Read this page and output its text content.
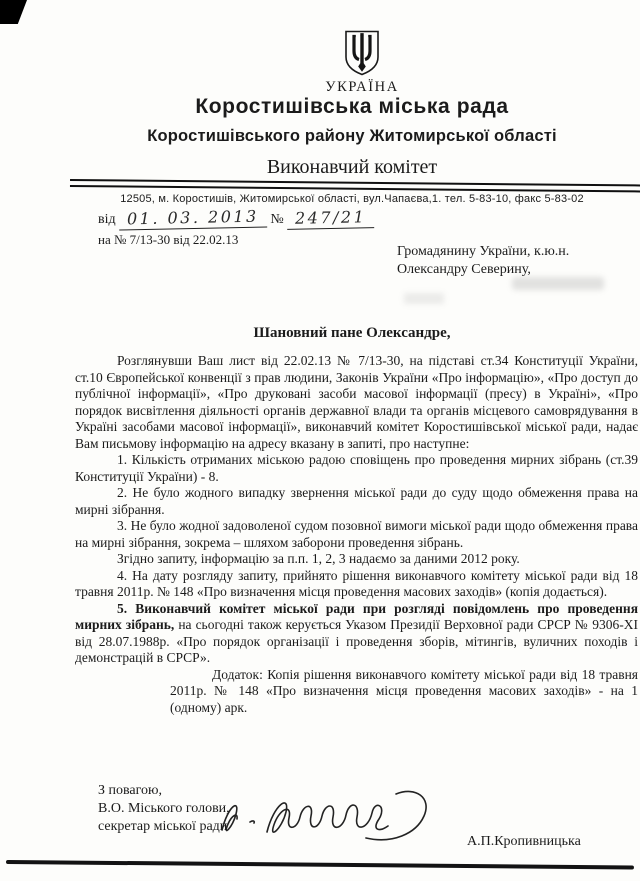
УКРАЇНА
Коростишівська міська рада
Коростишівського району Житомирської області
Виконавчий комітет
12505, м. Коростишів, Житомирської області, вул.Чапаєва,1. тел. 5-83-10, факс 5-83-02
від 01. 03. 2013 № 247/21
на № 7/13-30 від 22.02.13
Громадянину України, к.ю.н.
Олександру Северину,
Шановний пане Олександре,

Розглянувши Ваш лист від 22.02.13 № 7/13-30, на підставі ст.34 Конституції України, ст.10 Європейської конвенції з прав людини, Законів України «Про інформацію», «Про доступ до публічної інформації», «Про друковані засоби масової інформації (пресу) в Україні», «Про порядок висвітлення діяльності органів державної влади та органів місцевого самоврядування в Україні засобами масової інформації», виконавчий комітет Коростишівської міської ради, надає Вам письмову інформацію на адресу вказану в запиті, про наступне:

1. Кількість отриманих міською радою сповіщень про проведення мирних зібрань (ст.39 Конституції України) - 8.

2. Не було жодного випадку звернення міської ради до суду щодо обмеження права на мирні зібрання.

3. Не було жодної задоволеної судом позовної вимоги міської ради щодо обмеження права на мирні зібрання, зокрема – шляхом заборони проведення зібрань.

Згідно запиту, інформацію за п.п. 1, 2, 3 надаємо за даними 2012 року.

4. На дату розгляду запиту, прийнято рішення виконавчого комітету міської ради від 18 травня 2011р. № 148 «Про визначення місця проведення масових заходів» (копія додається).

5. Виконавчий комітет міської ради при розгляді повідомлень про проведення мирних зібрань, на сьогодні також керується Указом Президії Верховної ради СРСР № 9306-XI від 28.07.1988р. «Про порядок організації і проведення зборів, мітингів, вуличних походів і демонстрацій в СРСР».

Додаток: Копія рішення виконавчого комітету міської ради від 18 травня 2011р. № 148 «Про визначення місця проведення масових заходів» - на 1 (одному) арк.

З повагою,
В.О. Міського голови,
секретар міської ради
А.П.Кропивницька
